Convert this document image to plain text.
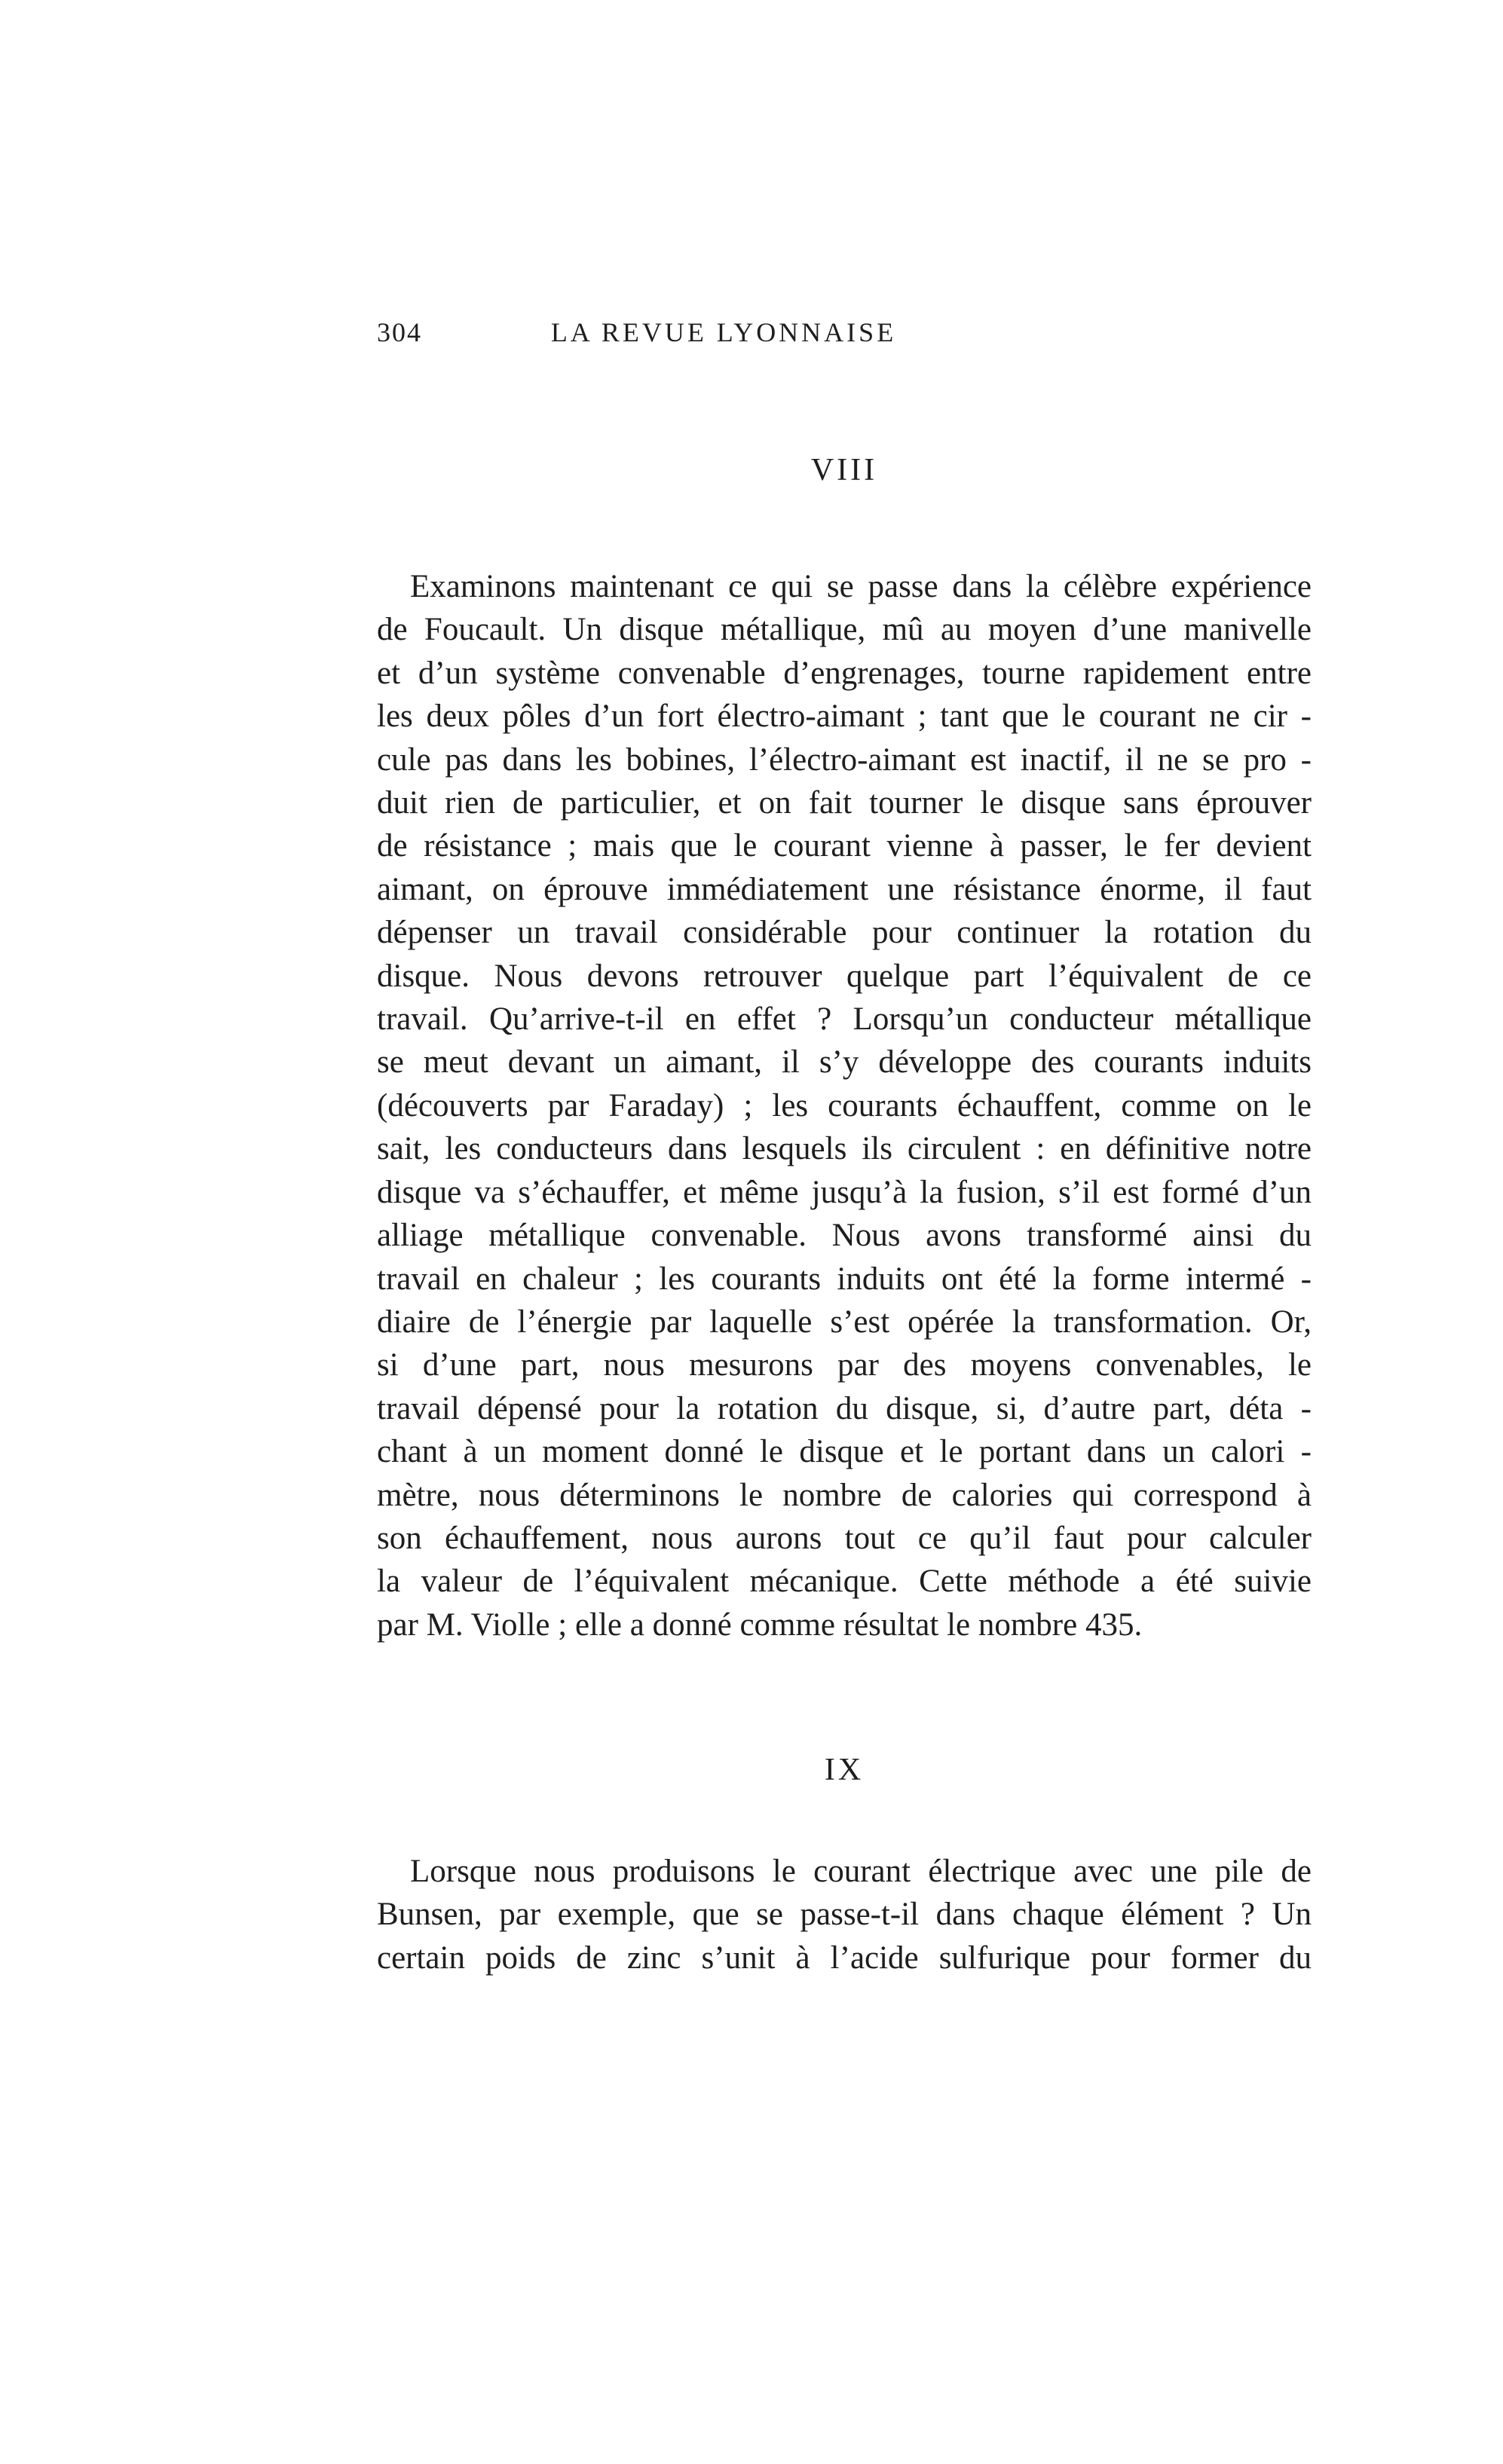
304	LA REVUE LYONNAISE
VIII

Examinons maintenant ce qui se passe dans la célèbre expérience
de Foucault. Un disque métallique, mû au moyen d’une manivelle
et d’un système convenable d’engrenages, tourne rapidement entre
les deux pôles d’un fort électro-aimant ; tant que le courant ne cir -
cule pas dans les bobines, l’électro-aimant est inactif, il ne se pro -
duit rien de particulier, et on fait tourner le disque sans éprouver
de résistance ; mais que le courant vienne à passer, le fer devient
aimant, on éprouve immédiatement une résistance énorme, il faut
dépenser un travail considérable pour continuer la rotation du
disque. Nous devons retrouver quelque part l’équivalent de ce
travail. Qu’arrive-t-il en effet ? Lorsqu’un conducteur métallique
se meut devant un aimant, il s’y développe des courants induits
(découverts par Faraday) ; les courants échauffent, comme on le
sait, les conducteurs dans lesquels ils circulent : en définitive notre
disque va s’échauffer, et même jusqu’à la fusion, s’il est formé d’un
alliage métallique convenable. Nous avons transformé ainsi du
travail en chaleur ; les courants induits ont été la forme intermé -
diaire de l’énergie par laquelle s’est opérée la transformation. Or,
si d’une part, nous mesurons par des moyens convenables, le
travail dépensé pour la rotation du disque, si, d’autre part, déta -
chant à un moment donné le disque et le portant dans un calori -
mètre, nous déterminons le nombre de calories qui correspond à
son échauffement, nous aurons tout ce qu’il faut pour calculer
la valeur de l’équivalent mécanique. Cette méthode a été suivie
par M. Violle ; elle a donné comme résultat le nombre 435.

IX

Lorsque nous produisons le courant électrique avec une pile de
Bunsen, par exemple, que se passe-t-il dans chaque élément ? Un
certain poids de zinc s’unit à l’acide sulfurique pour former du
